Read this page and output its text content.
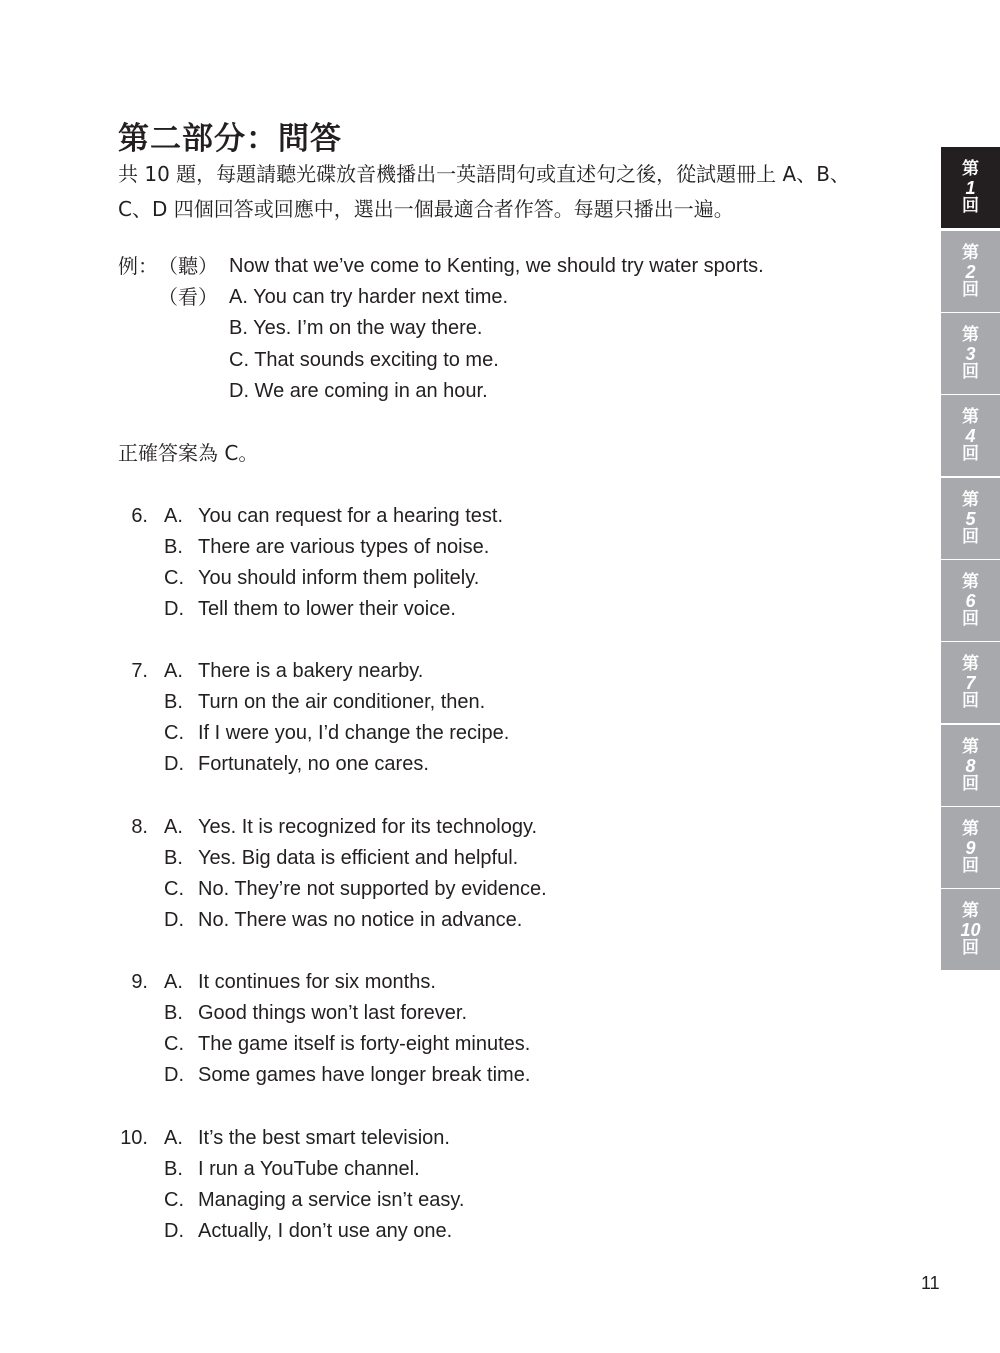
第二部分：問答

共 10 題，每題請聽光碟放音機播出一英語問句或直述句之後，從試題冊上 A、B、
C、D 四個回答或回應中，選出一個最適合者作答。每題只播出一遍。

例： （聽） Now that we’ve come to Kenting, we should try water sports.
（看） A. You can try harder next time.
B. Yes. I’m on the way there.
C. That sounds exciting to me.
D. We are coming in an hour.
正確答案為 C。
6. A. You can request for a hearing test.
B. There are various types of noise.
C. You should inform them politely.
D. Tell them to lower their voice.
7. A. There is a bakery nearby.
B. Turn on the air conditioner, then.
C. If I were you, I’d change the recipe.
D. Fortunately, no one cares.
8. A. Yes. It is recognized for its technology.
B. Yes. Big data is efficient and helpful.
C. No. They’re not supported by evidence.
D. No. There was no notice in advance.
9. A. It continues for six months.
B. Good things won’t last forever.
C. The game itself is forty-eight minutes.
D. Some games have longer break time.
10. A. It’s the best smart television.
B. I run a YouTube channel.
C. Managing a service isn’t easy.
D. Actually, I don’t use any one.
第
1
回
第
2
回
第
3
回
第
4
回
第
5
回
第
6
回
第
7
回
第
8
回
第
9
回
第
10
回
11
